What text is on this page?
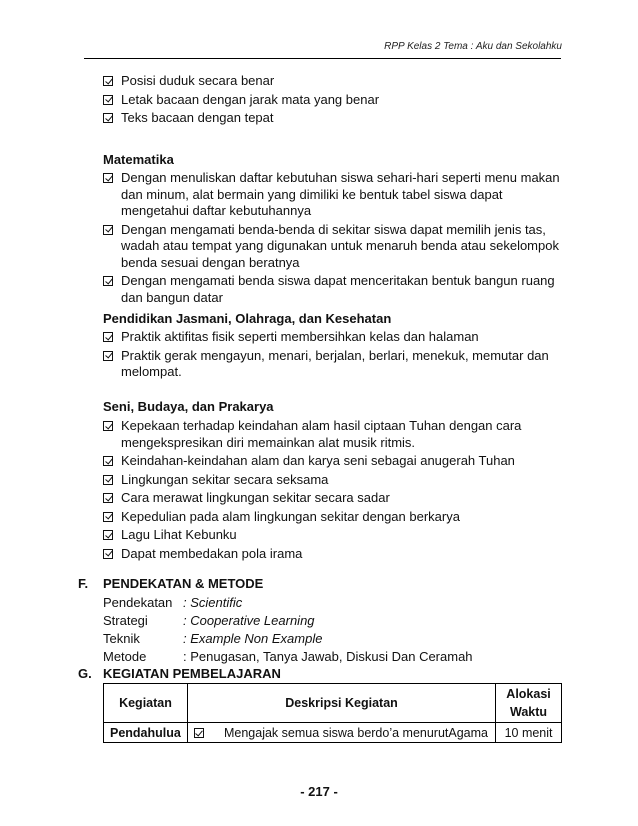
RPP Kelas 2 Tema : Aku dan Sekolahku
Posisi duduk secara benar
Letak bacaan dengan jarak mata yang benar
Teks bacaan dengan tepat
Matematika
Dengan menuliskan daftar kebutuhan siswa sehari-hari seperti menu makan dan minum, alat bermain yang dimiliki ke bentuk tabel siswa dapat mengetahui daftar kebutuhannya
Dengan mengamati benda-benda di sekitar siswa dapat memilih jenis tas, wadah atau tempat yang digunakan untuk menaruh benda atau sekelompok benda sesuai dengan beratnya
Dengan mengamati benda siswa dapat menceritakan bentuk bangun ruang dan bangun datar
Pendidikan Jasmani, Olahraga, dan Kesehatan
Praktik aktifitas fisik seperti membersihkan kelas dan halaman
Praktik gerak mengayun, menari, berjalan, berlari, menekuk, memutar dan melompat.
Seni, Budaya, dan Prakarya
Kepekaan terhadap keindahan alam hasil ciptaan Tuhan dengan cara mengekspresikan diri memainkan alat musik ritmis.
Keindahan-keindahan alam dan karya seni sebagai anugerah Tuhan
Lingkungan sekitar secara seksama
Cara merawat lingkungan sekitar secara sadar
Kepedulian pada alam lingkungan sekitar dengan berkarya
Lagu Lihat Kebunku
Dapat membedakan pola irama
F. PENDEKATAN & METODE
Pendekatan : Scientific
Strategi	: Cooperative Learning
Teknik	: Example Non Example
Metode	: Penugasan, Tanya Jawab, Diskusi Dan Ceramah
G. KEGIATAN PEMBELAJARAN
Kegiatan	Deskripsi Kegiatan	Alokasi
Waktu

Pendahulua	Mengajak semua siswa berdo’a menurutAgama	10 menit
- 217 -
